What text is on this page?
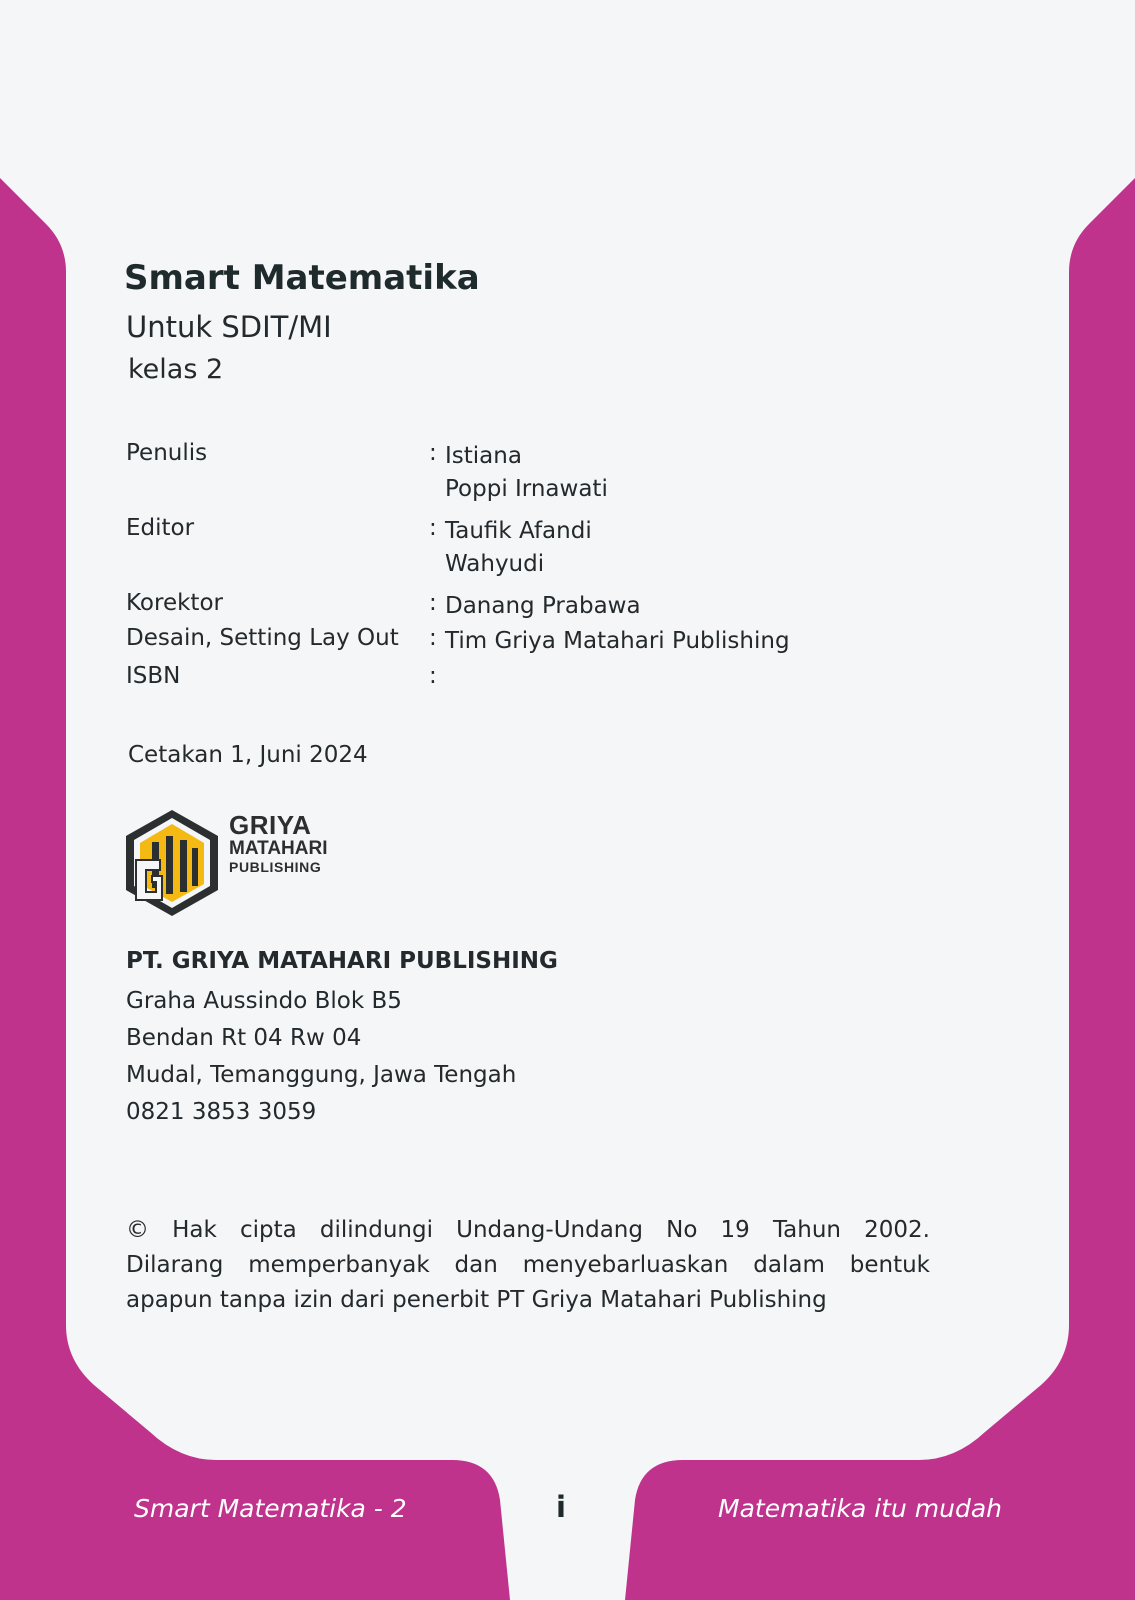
Smart Matematika
Untuk SDIT/MI
kelas 2
Penulis	: Istiana
Poppi Irnawati
Editor	: Taufik Afandi
Wahyudi
Korektor	: Danang Prabawa
Desain, Setting Lay Out	: Tim Griya Matahari Publishing
ISBN	:
Cetakan 1, Juni 2024
GRIYA
MATAHARI
PUBLISHING
PT. GRIYA MATAHARI PUBLISHING
Graha Aussindo Blok B5
Bendan Rt 04 Rw 04
Mudal, Temanggung, Jawa Tengah
0821 3853 3059
© Hak cipta dilindungi Undang-Undang No 19 Tahun 2002.
Dilarang memperbanyak dan menyebarluaskan dalam bentuk
apapun tanpa izin dari penerbit PT Griya Matahari Publishing
Smart Matematika - 2	i	Matematika itu mudah
